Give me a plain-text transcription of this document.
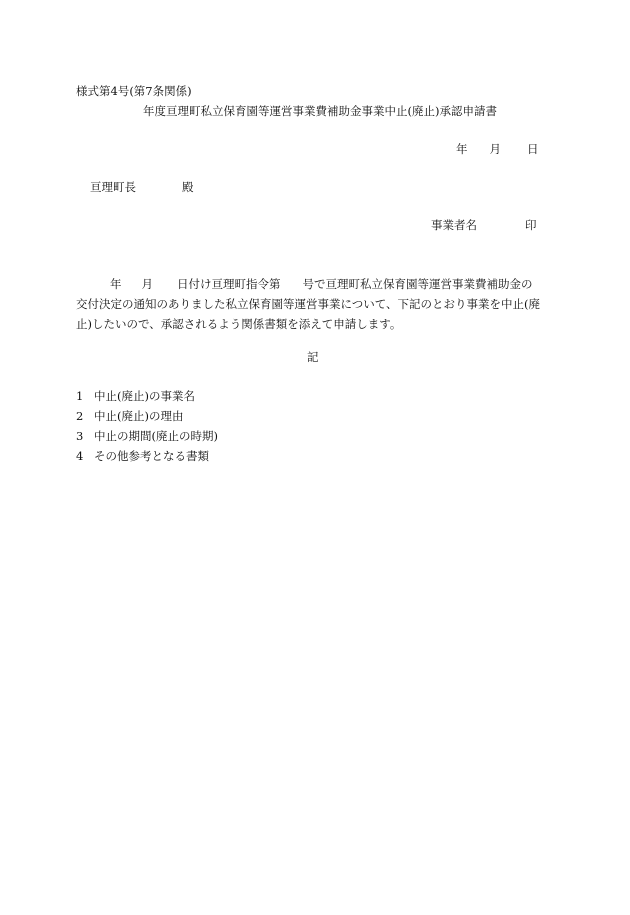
様式第4号(第7条関係)
年度亘理町私立保育園等運営事業費補助金事業中止(廃止)承認申請書
年 月 日
亘理町長	殿
事業者名	印
年 月 日付け亘理町指令第 号で亘理町私立保育園等運営事業費補助金の
交付決定の通知のありました私立保育園等運営事業について、下記のとおり事業を中止(廃
止)したいので、承認されるよう関係書類を添えて申請します。
記
1 中止(廃止)の事業名
2 中止(廃止)の理由
3 中止の期間(廃止の時期)
4 その他参考となる書類
